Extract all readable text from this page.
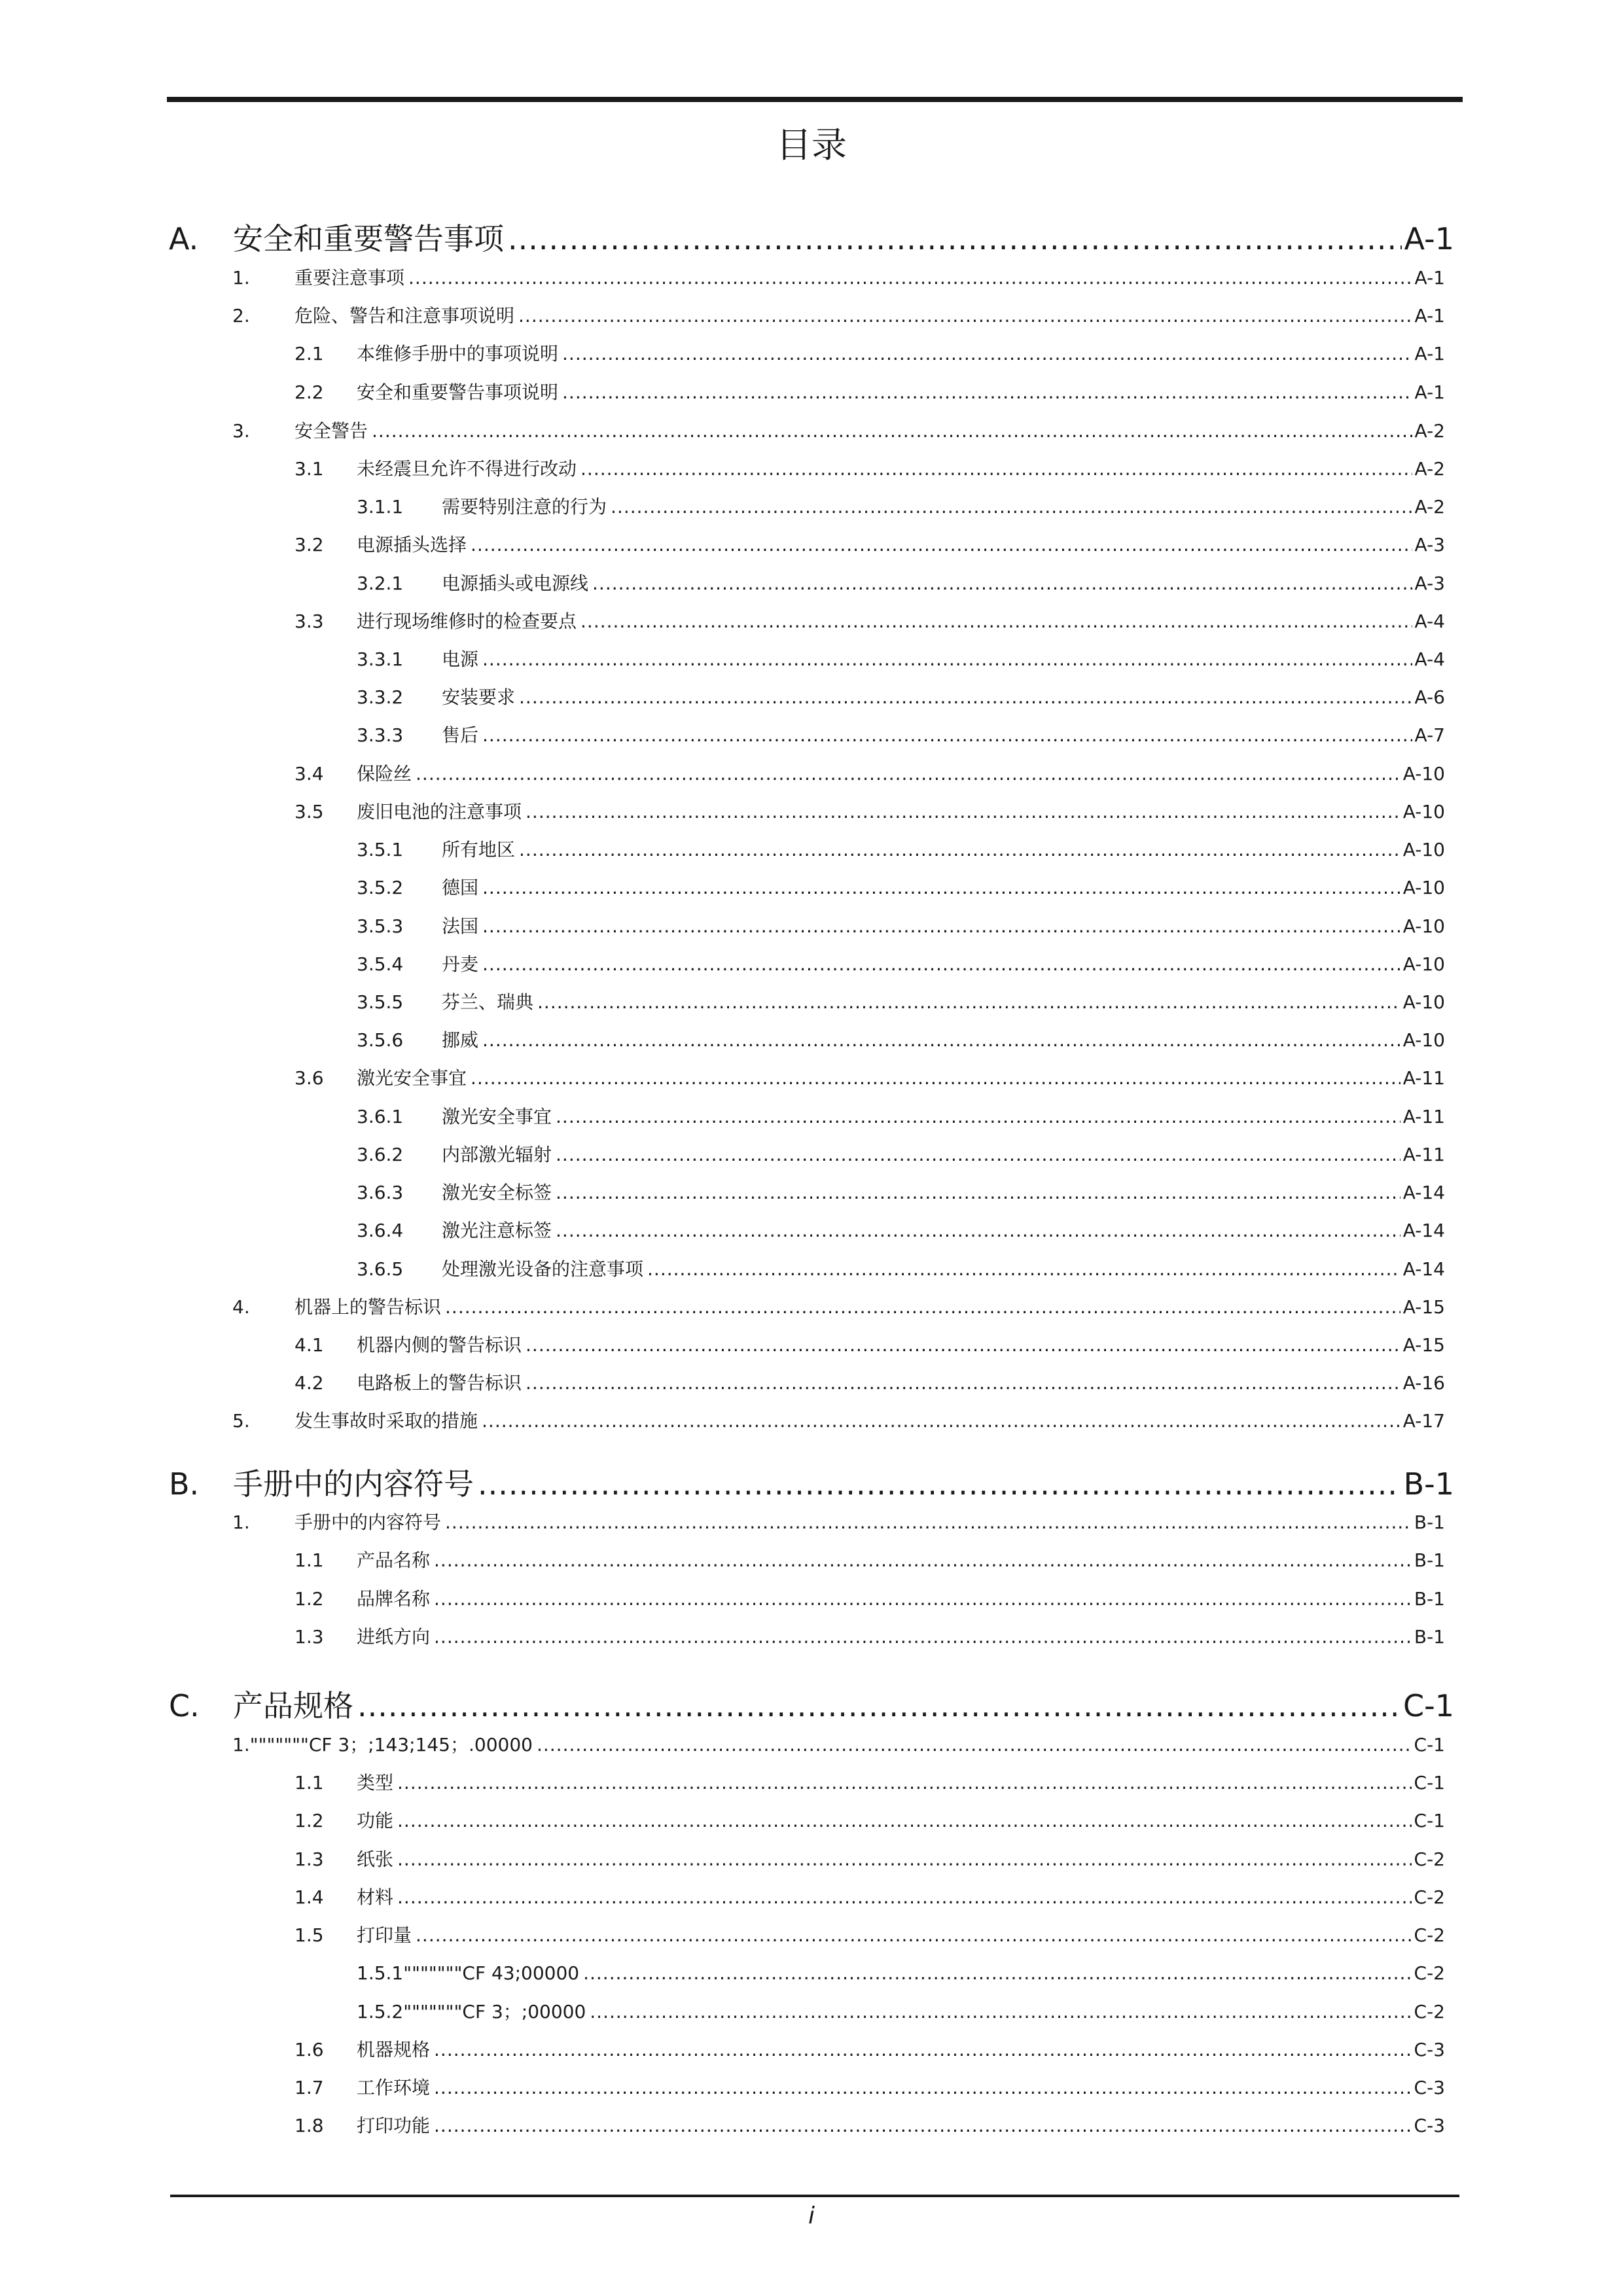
目录
A.	安全和重要警告事项 .....	A-1
1.	重要注意事项 .....	A-1
2.	危险、警告和注意事项说明 .....	A-1
2.1	本维修手册中的事项说明 .....	A-1
2.2	安全和重要警告事项说明 .....	A-1
3.	安全警告 .....	A-2
3.1	未经震旦允许不得进行改动 .....	A-2
3.1.1	需要特别注意的行为 .....	A-2
3.2	电源插头选择 .....	A-3
3.2.1	电源插头或电源线 .....	A-3
3.3	进行现场维修时的检查要点 .....	A-4
3.3.1	电源 .....	A-4
3.3.2	安装要求 .....	A-6
3.3.3	售后 .....	A-7
3.4	保险丝 .....	A-10
3.5	废旧电池的注意事项 .....	A-10
3.5.1	所有地区 .....	A-10
3.5.2	德国 .....	A-10
3.5.3	法国 .....	A-10
3.5.4	丹麦 .....	A-10
3.5.5	芬兰、瑞典 .....	A-10
3.5.6	挪威 .....	A-10
3.6	激光安全事宜 .....	A-11
3.6.1	激光安全事宜 .....	A-11
3.6.2	内部激光辐射 .....	A-11
3.6.3	激光安全标签 .....	A-14
3.6.4	激光注意标签 .....	A-14
3.6.5	处理激光设备的注意事项 .....	A-14
4.	机器上的警告标识 .....	A-15
4.1	机器内侧的警告标识 .....	A-15
4.2	电路板上的警告标识 .....	A-16
5.	发生事故时采取的措施 .....	A-17
B.	手册中的内容符号 .....	B-1
1.	手册中的内容符号 .....	B-1
1.1	产品名称 .....	B-1
1.2	品牌名称 .....	B-1
1.3	进纸方向 .....	B-1
C.	产品规格 .....	C-1
1."""""""CF 3；;143;145；.00000 .....	C-1
1.1	类型 .....	C-1
1.2	功能 .....	C-1
1.3	纸张 .....	C-2
1.4	材料 .....	C-2
1.5	打印量 .....	C-2
1.5.1"""""""CF 43;00000 .....	C-2
1.5.2"""""""CF 3；;00000 .....	C-2
1.6	机器规格 .....	C-3
1.7	工作环境 .....	C-3
1.8	打印功能 .....	C-3
i
